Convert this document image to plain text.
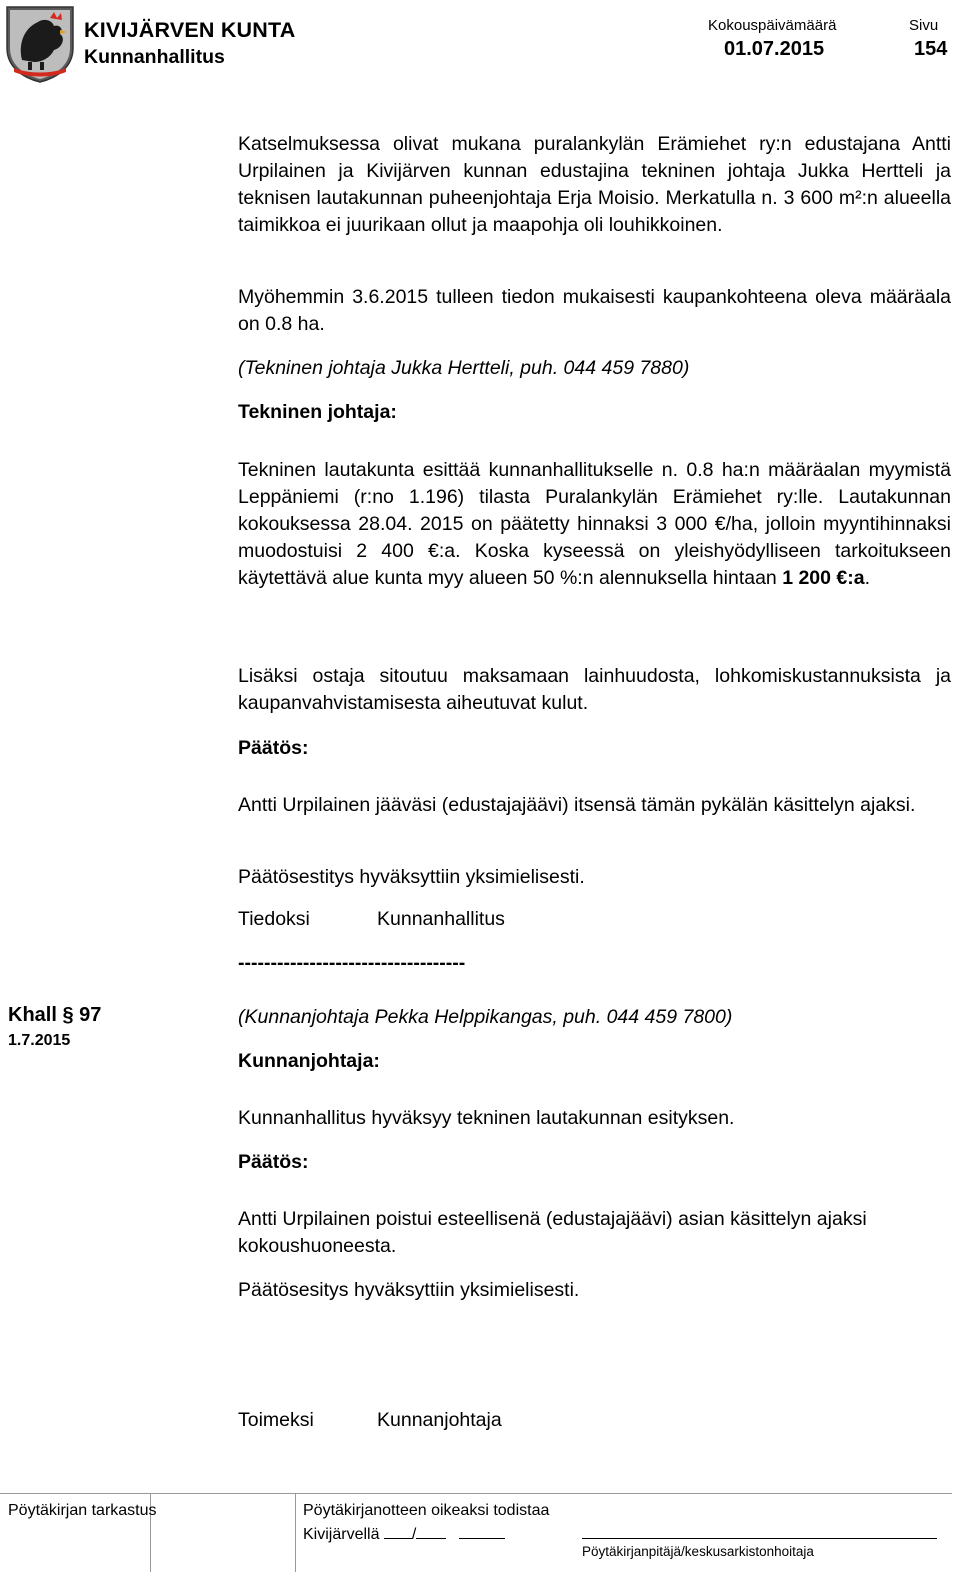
KIVIJÄRVEN KUNTA
Kunnanhallitus
Kokouspäivämäärä
01.07.2015
Sivu
154
Katselmuksessa olivat mukana puralankylän Erämiehet ry:n edustajana Antti Urpilainen ja Kivijärven kunnan edustajina tekninen johtaja Jukka Hertteli ja teknisen lautakunnan puheenjohtaja Erja Moisio. Merkatulla n. 3 600 m²:n alueella taimikkoa ei juurikaan ollut ja maapohja oli louhikkoinen.
Myöhemmin 3.6.2015 tulleen tiedon mukaisesti kaupankohteena oleva määräala on 0.8 ha.
(Tekninen johtaja Jukka Hertteli, puh. 044 459 7880)
Tekninen johtaja:
Tekninen lautakunta esittää kunnanhallitukselle n. 0.8 ha:n määräalan myymistä Leppäniemi (r:no 1.196) tilasta Puralankylän Erämiehet ry:lle. Lautakunnan kokouksessa 28.04. 2015 on päätetty hinnaksi 3 000 €/ha, jolloin myyntihinnaksi muodostuisi 2 400 €:a. Koska kyseessä on yleishyödylliseen tarkoitukseen käytettävä alue kunta myy alueen 50 %:n alennuksella hintaan 1 200 €:a.
Lisäksi ostaja sitoutuu maksamaan lainhuudosta, lohkomiskustannuksista ja kaupanvahvistamisesta aiheutuvat kulut.
Päätös:
Antti Urpilainen jääväsi (edustajajäävi) itsensä tämän pykälän käsittelyn ajaksi.
Päätösestitys hyväksyttiin yksimielisesti.
Tiedoksi	Kunnanhallitus
-----------------------------------
Khall § 97
1.7.2015
(Kunnanjohtaja Pekka Helppikangas, puh. 044 459 7800)
Kunnanjohtaja:
Kunnanhallitus hyväksyy tekninen lautakunnan esityksen.
Päätös:
Antti Urpilainen poistui esteellisenä (edustajajäävi) asian käsittelyn ajaksi kokoushuoneesta.
Päätösesitys hyväksyttiin yksimielisesti.
Toimeksi	Kunnanjohtaja
Pöytäkirjan tarkastus	Pöytäkirjanotteen oikeaksi todistaa
Kivijärvellä /
Pöytäkirjanpitäjä/keskusarkistonhoitaja
